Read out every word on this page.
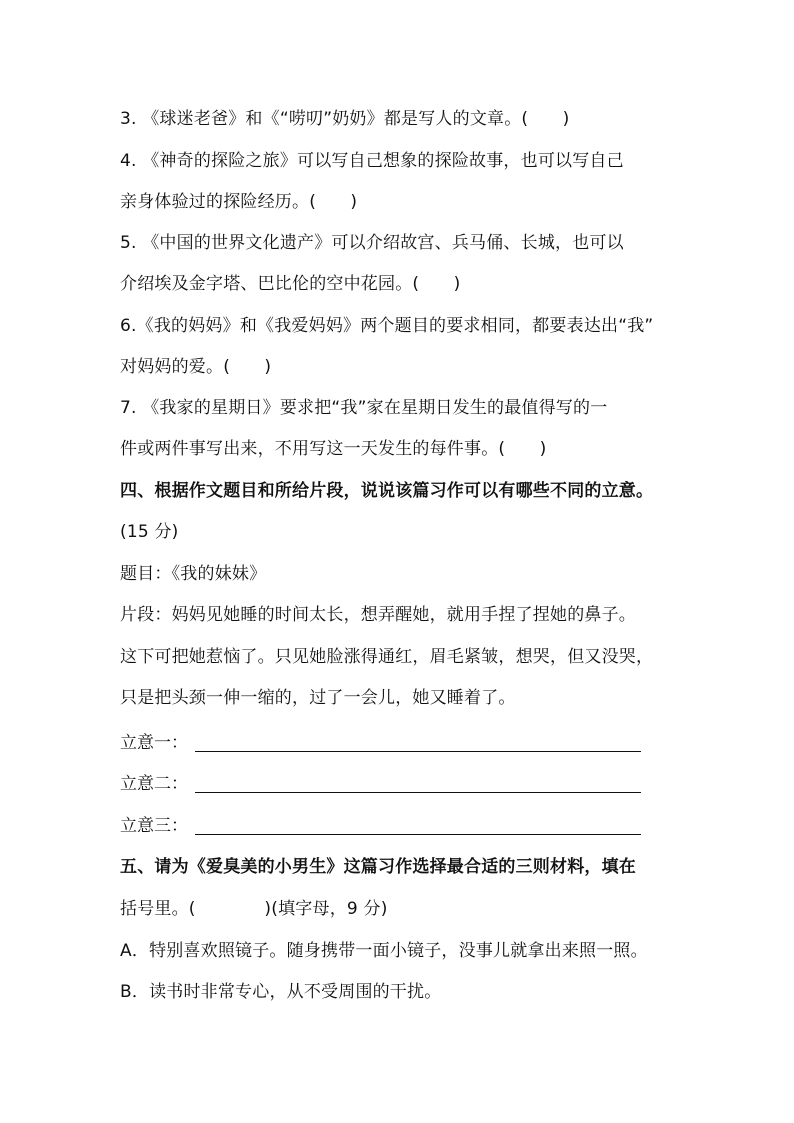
3. 《球迷老爸》和《“唠叨”奶奶》都是写人的文章。(　　)
4. 《神奇的探险之旅》可以写自己想象的探险故事，也可以写自己
亲身体验过的探险经历。(　　)
5. 《中国的世界文化遗产》可以介绍故宫、兵马俑、长城，也可以
介绍埃及金字塔、巴比伦的空中花园。(　　)
6.《我的妈妈》和《我爱妈妈》两个题目的要求相同，都要表达出“我”
对妈妈的爱。(　　)
7. 《我家的星期日》要求把“我”家在星期日发生的最值得写的一
件或两件事写出来，不用写这一天发生的每件事。(　　)
四、根据作文题目和所给片段，说说该篇习作可以有哪些不同的立意。
(15 分)
题目：《我的妹妹》
片段：妈妈见她睡的时间太长，想弄醒她，就用手捏了捏她的鼻子。
这下可把她惹恼了。只见她脸涨得通红，眉毛紧皱，想哭，但又没哭，
只是把头颈一伸一缩的，过了一会儿，她又睡着了。
立意一：
立意二：
立意三：
五、请为《爱臭美的小男生》这篇习作选择最合适的三则材料，填在
括号里。(　　　　)(填字母，9 分)
A．特别喜欢照镜子。随身携带一面小镜子，没事儿就拿出来照一照。
B．读书时非常专心，从不受周围的干扰。
